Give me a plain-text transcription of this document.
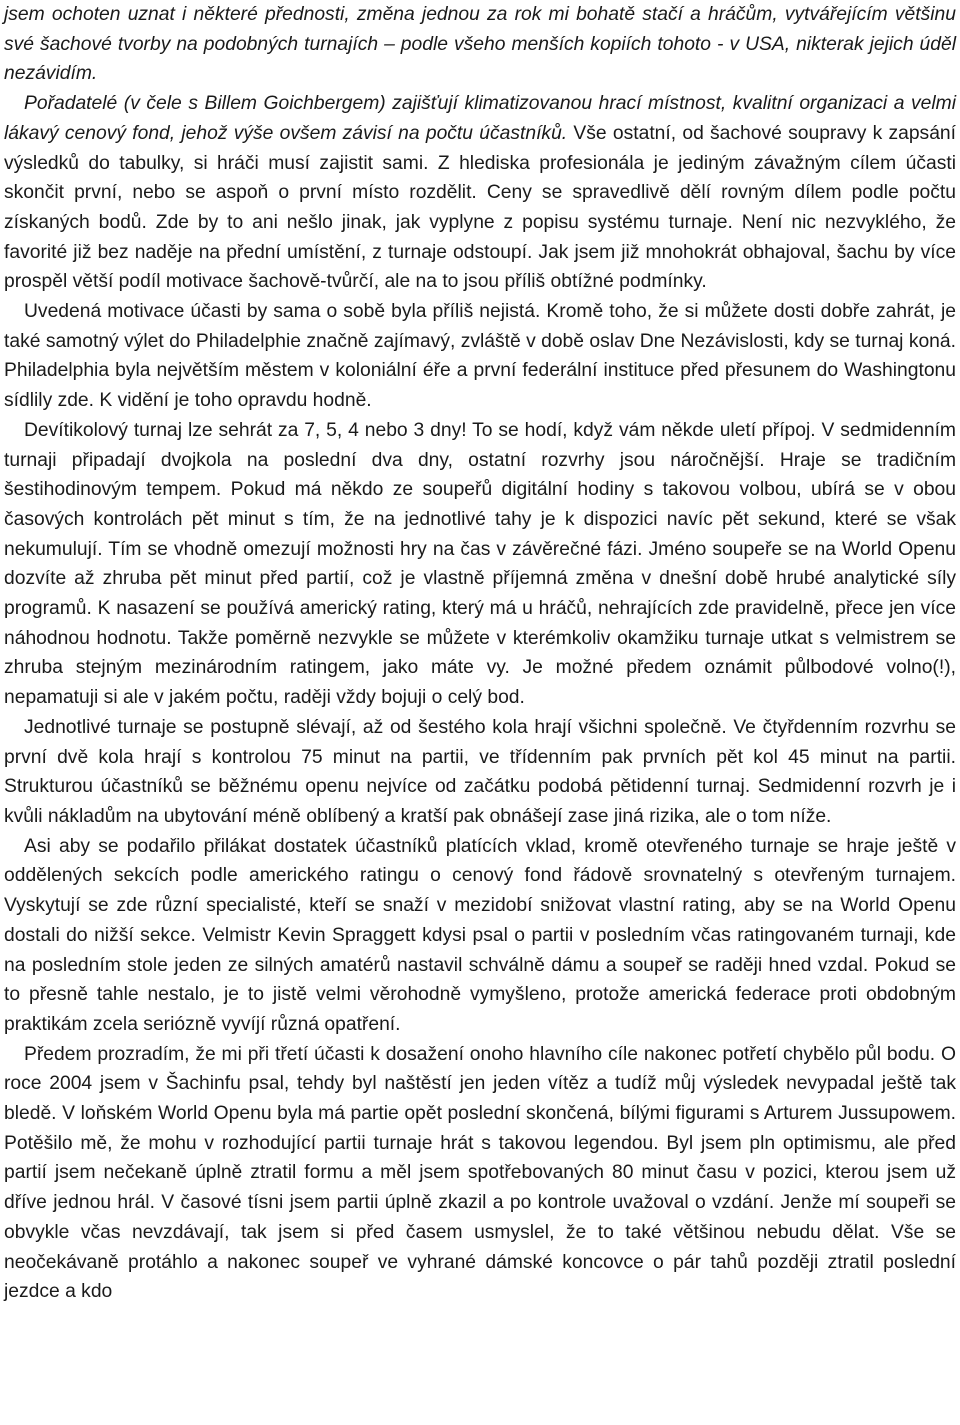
jsem ochoten uznat i některé přednosti, změna jednou za rok mi bohatě stačí a hráčům, vytvářejícím většinu své šachové tvorby na podobných turnajích – podle všeho menších kopiích tohoto - v USA, nikterak jejich úděl nezávidím.

Pořadatelé (v čele s Billem Goichbergem) zajišťují klimatizovanou hrací místnost, kvalitní organizaci a velmi lákavý cenový fond, jehož výše ovšem závisí na počtu účastníků. Vše ostatní, od šachové soupravy k zapsání výsledků do tabulky, si hráči musí zajistit sami. Z hlediska profesionála je jediným závažným cílem účasti skončit první, nebo se aspoň o první místo rozdělit. Ceny se spravedlivě dělí rovným dílem podle počtu získaných bodů. Zde by to ani nešlo jinak, jak vyplyne z popisu systému turnaje. Není nic nezvyklého, že favorité již bez naděje na přední umístění, z turnaje odstoupí. Jak jsem již mnohokrát obhajoval, šachu by více prospěl větší podíl motivace šachově-tvůrčí, ale na to jsou příliš obtížné podmínky.

Uvedená motivace účasti by sama o sobě byla příliš nejistá. Kromě toho, že si můžete dosti dobře zahrát, je také samotný výlet do Philadelphie značně zajímavý, zvláště v době oslav Dne Nezávislosti, kdy se turnaj koná. Philadelphia byla největším městem v koloniální éře a první federální instituce před přesunem do Washingtonu sídlily zde. K vidění je toho opravdu hodně.

Devítikolový turnaj lze sehrát za 7, 5, 4 nebo 3 dny! To se hodí, když vám někde uletí přípoj. V sedmidenním turnaji připadají dvojkola na poslední dva dny, ostatní rozvrhy jsou náročnější. Hraje se tradičním šestihodinovým tempem. Pokud má někdo ze soupeřů digitální hodiny s takovou volbou, ubírá se v obou časových kontrolách pět minut s tím, že na jednotlivé tahy je k dispozici navíc pět sekund, které se však nekumulují. Tím se vhodně omezují možnosti hry na čas v závěrečné fázi. Jméno soupeře se na World Openu dozvíte až zhruba pět minut před partií, což je vlastně příjemná změna v dnešní době hrubé analytické síly programů. K nasazení se používá americký rating, který má u hráčů, nehrajících zde pravidelně, přece jen více náhodnou hodnotu. Takže poměrně nezvykle se můžete v kterémkoliv okamžiku turnaje utkat s velmistrem se zhruba stejným mezinárodním ratingem, jako máte vy. Je možné předem oznámit půlbodové volno(!), nepamatuji si ale v jakém počtu, raději vždy bojuji o celý bod.

Jednotlivé turnaje se postupně slévají, až od šestého kola hrají všichni společně. Ve čtyřdenním rozvrhu se první dvě kola hrají s kontrolou 75 minut na partii, ve třídenním pak prvních pět kol 45 minut na partii. Strukturou účastníků se běžnému openu nejvíce od začátku podobá pětidenní turnaj. Sedmidenní rozvrh je i kvůli nákladům na ubytování méně oblíbený a kratší pak obnášejí zase jiná rizika, ale o tom níže.

Asi aby se podařilo přilákat dostatek účastníků platících vklad, kromě otevřeného turnaje se hraje ještě v oddělených sekcích podle amerického ratingu o cenový fond řádově srovnatelný s otevřeným turnajem. Vyskytují se zde různí specialisté, kteří se snaží v mezidobí snižovat vlastní rating, aby se na World Openu dostali do nižší sekce. Velmistr Kevin Spraggett kdysi psal o partii v posledním včas ratingovaném turnaji, kde na posledním stole jeden ze silných amatérů nastavil schválně dámu a soupeř se raději hned vzdal. Pokud se to přesně tahle nestalo, je to jistě velmi věrohodně vymyšleno, protože americká federace proti obdobným praktikám zcela seriózně vyvíjí různá opatření.

Předem prozradím, že mi při třetí účasti k dosažení onoho hlavního cíle nakonec potřetí chybělo půl bodu. O roce 2004 jsem v Šachinfu psal, tehdy byl naštěstí jen jeden vítěz a tudíž můj výsledek nevypadal ještě tak bledě. V loňském World Openu byla má partie opět poslední skončená, bílými figurami s Arturem Jussupowem. Potěšilo mě, že mohu v rozhodující partii turnaje hrát s takovou legendou. Byl jsem pln optimismu, ale před partií jsem nečekaně úplně ztratil formu a měl jsem spotřebovaných 80 minut času v pozici, kterou jsem už dříve jednou hrál. V časové tísni jsem partii úplně zkazil a po kontrole uvažoval o vzdání. Jenže mí soupeři se obvykle včas nevzdávají, tak jsem si před časem usmyslel, že to také většinou nebudu dělat. Vše se neočekávaně protáhlo a nakonec soupeř ve vyhrané dámské koncovce o pár tahů později ztratil poslední jezdce a kdo
